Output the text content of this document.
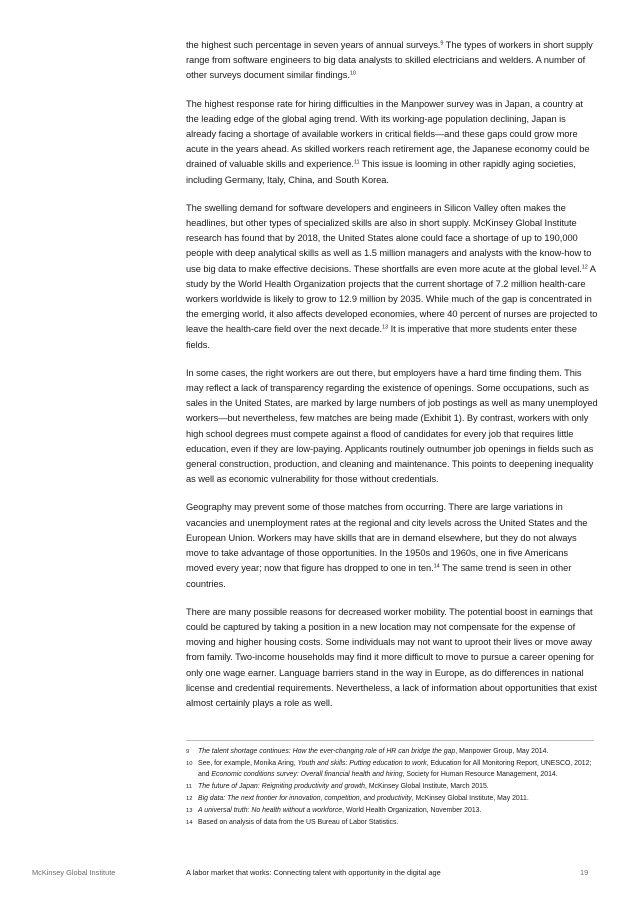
the highest such percentage in seven years of annual surveys.$^9$ The types of workers in short supply range from software engineers to big data analysts to skilled electricians and welders. A number of other surveys document similar findings.$^{10}$

The highest response rate for hiring difficulties in the Manpower survey was in Japan, a country at the leading edge of the global aging trend. With its working-age population declining, Japan is already facing a shortage of available workers in critical fields—and these gaps could grow more acute in the years ahead. As skilled workers reach retirement age, the Japanese economy could be drained of valuable skills and experience.$^{11}$ This issue is looming in other rapidly aging societies, including Germany, Italy, China, and South Korea.

The swelling demand for software developers and engineers in Silicon Valley often makes the headlines, but other types of specialized skills are also in short supply. McKinsey Global Institute research has found that by 2018, the United States alone could face a shortage of up to 190,000 people with deep analytical skills as well as 1.5 million managers and analysts with the know-how to use big data to make effective decisions. These shortfalls are even more acute at the global level.$^{12}$ A study by the World Health Organization projects that the current shortage of 7.2 million health-care workers worldwide is likely to grow to 12.9 million by 2035. While much of the gap is concentrated in the emerging world, it also affects developed economies, where 40 percent of nurses are projected to leave the health-care field over the next decade.$^{13}$ It is imperative that more students enter these fields.

In some cases, the right workers are out there, but employers have a hard time finding them. This may reflect a lack of transparency regarding the existence of openings. Some occupations, such as sales in the United States, are marked by large numbers of job postings as well as many unemployed workers—but nevertheless, few matches are being made (Exhibit 1). By contrast, workers with only high school degrees must compete against a flood of candidates for every job that requires little education, even if they are low-paying. Applicants routinely outnumber job openings in fields such as general construction, production, and cleaning and maintenance. This points to deepening inequality as well as economic vulnerability for those without credentials.

Geography may prevent some of those matches from occurring. There are large variations in vacancies and unemployment rates at the regional and city levels across the United States and the European Union. Workers may have skills that are in demand elsewhere, but they do not always move to take advantage of those opportunities. In the 1950s and 1960s, one in five Americans moved every year; now that figure has dropped to one in ten.$^{14}$ The same trend is seen in other countries.

There are many possible reasons for decreased worker mobility. The potential boost in earnings that could be captured by taking a position in a new location may not compensate for the expense of moving and higher housing costs. Some individuals may not want to uproot their lives or move away from family. Two-income households may find it more difficult to move to pursue a career opening for only one wage earner. Language barriers stand in the way in Europe, as do differences in national license and credential requirements. Nevertheless, a lack of information about opportunities that exist almost certainly plays a role as well.

9 The talent shortage continues: How the ever-changing role of HR can bridge the gap, Manpower Group, May 2014.
10 See, for example, Monika Aring, Youth and skills: Putting education to work, Education for All Monitoring Report, UNESCO, 2012; and Economic conditions survey: Overall financial health and hiring, Society for Human Resource Management, 2014.
11 The future of Japan: Reigniting productivity and growth, McKinsey Global Institute, March 2015.
12 Big data: The next frontier for innovation, competition, and productivity, McKinsey Global Institute, May 2011.
13 A universal truth: No health without a workforce, World Health Organization, November 2013.
14 Based on analysis of data from the US Bureau of Labor Statistics.
McKinsey Global Institute	A labor market that works: Connecting talent with opportunity in the digital age	19
